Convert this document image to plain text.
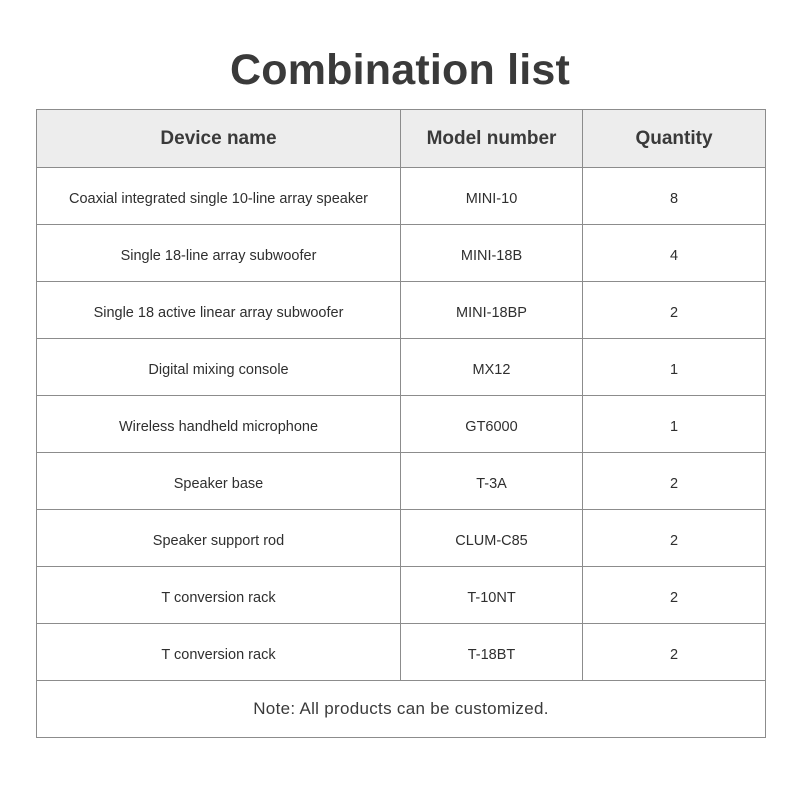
Combination list
Device name	Model number	Quantity
Coaxial integrated single 10-line array speaker	MINI-10	8
Single 18-line array subwoofer	MINI-18B	4
Single 18 active linear array subwoofer	MINI-18BP	2
Digital mixing console	MX12	1
Wireless handheld microphone	GT6000	1
Speaker base	T-3A	2
Speaker support rod	CLUM-C85	2
T conversion rack	T-10NT	2
T conversion rack	T-18BT	2
Note: All products can be customized.		
